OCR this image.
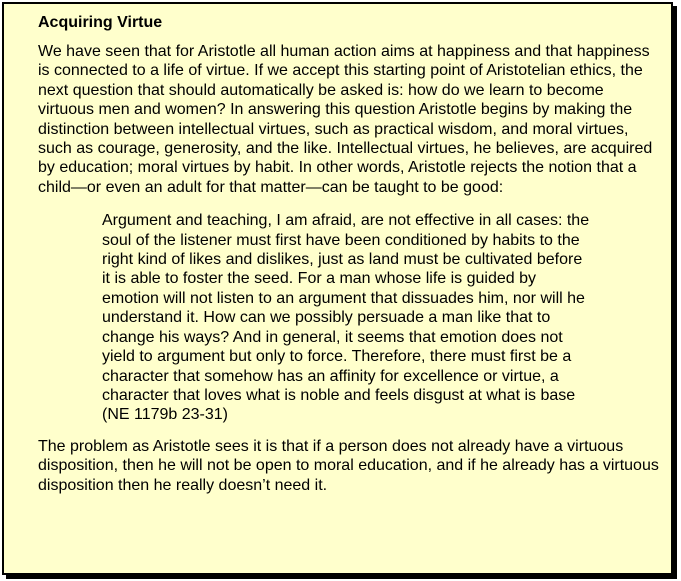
Acquiring Virtue

We have seen that for Aristotle all human action aims at happiness and that happiness is connected to a life of virtue. If we accept this starting point of Aristotelian ethics, the next question that should automatically be asked is: how do we learn to become virtuous men and women? In answering this question Aristotle begins by making the distinction between intellectual virtues, such as practical wisdom, and moral virtues, such as courage, generosity, and the like. Intellectual virtues, he believes, are acquired by education; moral virtues by habit. In other words, Aristotle rejects the notion that a child—or even an adult for that matter—can be taught to be good:

Argument and teaching, I am afraid, are not effective in all cases: the soul of the listener must first have been conditioned by habits to the right kind of likes and dislikes, just as land must be cultivated before it is able to foster the seed. For a man whose life is guided by emotion will not listen to an argument that dissuades him, nor will he understand it. How can we possibly persuade a man like that to change his ways? And in general, it seems that emotion does not yield to argument but only to force. Therefore, there must first be a character that somehow has an affinity for excellence or virtue, a character that loves what is noble and feels disgust at what is base (NE 1179b 23-31)

The problem as Aristotle sees it is that if a person does not already have a virtuous disposition, then he will not be open to moral education, and if he already has a virtuous disposition then he really doesn’t need it.
